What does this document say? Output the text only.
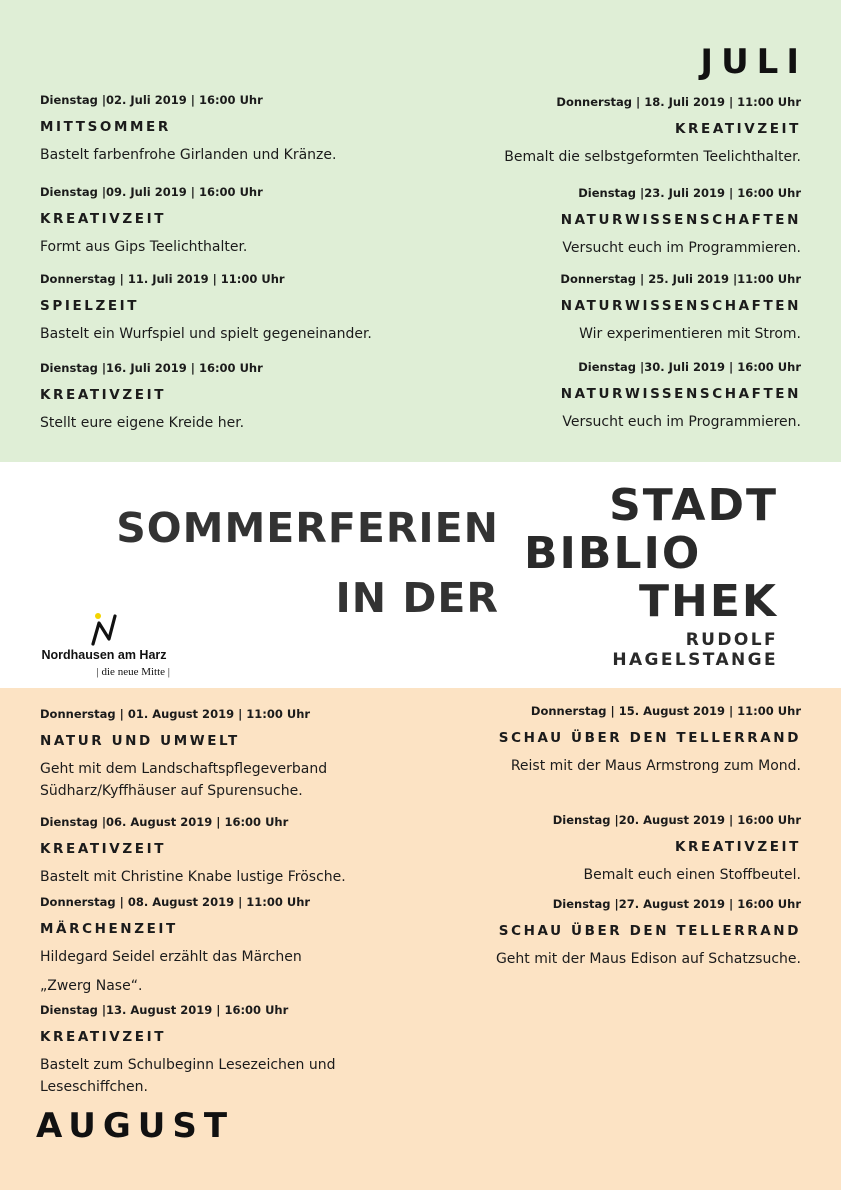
JULI
Dienstag |02. Juli 2019 | 16:00 Uhr
MITTSOMMER
Bastelt farbenfrohe Girlanden und Kränze.
Dienstag |09. Juli 2019 | 16:00 Uhr
KREATIVZEIT
Formt aus Gips Teelichthalter.
Donnerstag | 11. Juli 2019 | 11:00 Uhr
SPIELZEIT
Bastelt ein Wurfspiel und spielt gegeneinander.
Dienstag |16. Juli 2019 | 16:00 Uhr
KREATIVZEIT
Stellt eure eigene Kreide her.
Donnerstag | 18. Juli 2019 | 11:00 Uhr
KREATIVZEIT
Bemalt die selbstgeformten Teelichthalter.
Dienstag |23. Juli 2019 | 16:00 Uhr
NATURWISSENSCHAFTEN
Versucht euch im Programmieren.
Donnerstag | 25. Juli 2019 |11:00 Uhr
NATURWISSENSCHAFTEN
Wir experimentieren mit Strom.
Dienstag |30. Juli 2019 | 16:00 Uhr
NATURWISSENSCHAFTEN
Versucht euch im Programmieren.
SOMMERFERIEN
IN DER
STADT
BIBLIO
THEK
RUDOLF HAGELSTANGE
Nordhausen am Harz
| die neue Mitte |
Donnerstag | 01. August 2019 | 11:00 Uhr
NATUR UND UMWELT
Geht mit dem Landschaftspflegeverband
Südharz/Kyffhäuser auf Spurensuche.
Dienstag |06. August 2019 | 16:00 Uhr
KREATIVZEIT
Bastelt mit Christine Knabe lustige Frösche.
Donnerstag | 08. August 2019 | 11:00 Uhr
MÄRCHENZEIT
Hildegard Seidel erzählt das Märchen
„Zwerg Nase“.
Dienstag |13. August 2019 | 16:00 Uhr
KREATIVZEIT
Bastelt zum Schulbeginn Lesezeichen und
Leseschiffchen.
Donnerstag | 15. August 2019 | 11:00 Uhr
SCHAU ÜBER DEN TELLERRAND
Reist mit der Maus Armstrong zum Mond.
Dienstag |20. August 2019 | 16:00 Uhr
KREATIVZEIT
Bemalt euch einen Stoffbeutel.
Dienstag |27. August 2019 | 16:00 Uhr
SCHAU ÜBER DEN TELLERRAND
Geht mit der Maus Edison auf Schatzsuche.
AUGUST
